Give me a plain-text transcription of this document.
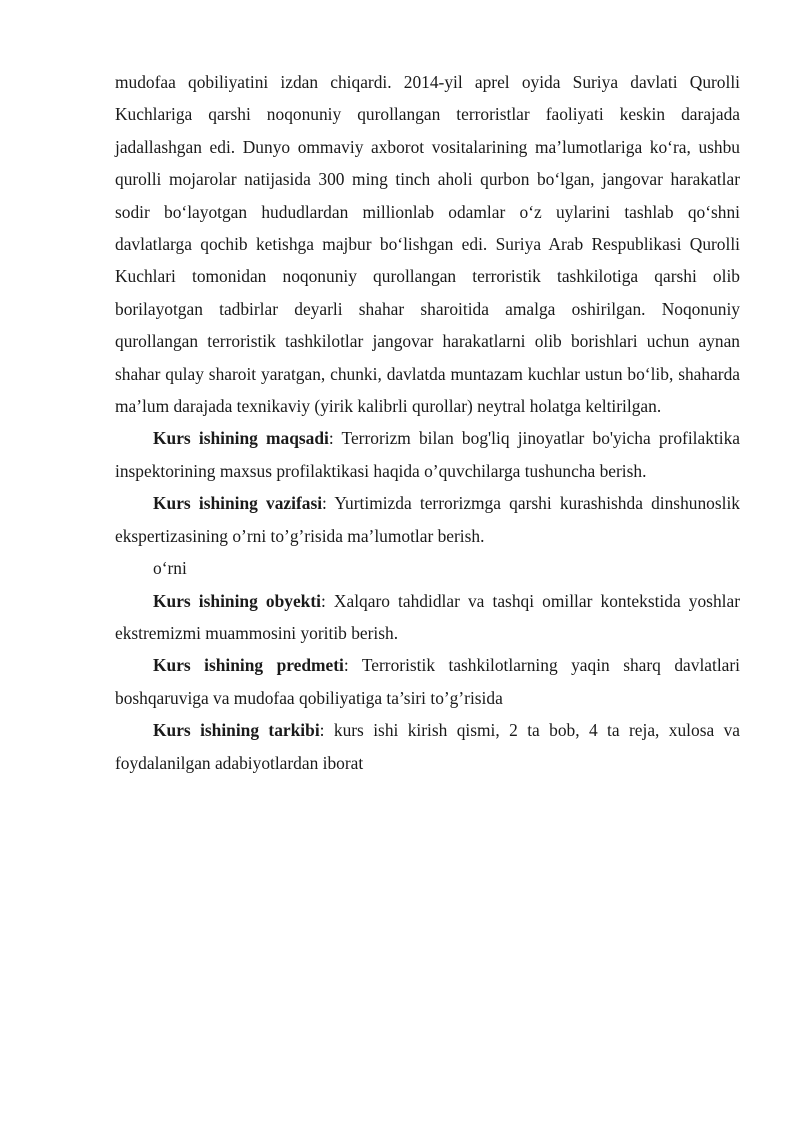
mudofaa qobiliyatini izdan chiqardi. 2014-yil aprel oyida Suriya davlati Qurolli Kuchlariga qarshi noqonuniy qurollangan terroristlar faoliyati keskin darajada jadallashgan edi. Dunyo ommaviy axborot vositalarining ma’lumotlariga ko‘ra, ushbu qurolli mojarolar natijasida 300 ming tinch aholi qurbon bo‘lgan, jangovar harakatlar sodir bo‘layotgan hududlardan millionlab odamlar o‘z uylarini tashlab qo‘shni davlatlarga qochib ketishga majbur bo‘lishgan edi. Suriya Arab Respublikasi Qurolli Kuchlari tomonidan noqonuniy qurollangan terroristik tashkilotiga qarshi olib borilayotgan tadbirlar deyarli shahar sharoitida amalga oshirilgan. Noqonuniy qurollangan terroristik tashkilotlar jangovar harakatlarni olib borishlari uchun aynan shahar qulay sharoit yaratgan, chunki, davlatda muntazam kuchlar ustun bo‘lib, shaharda ma’lum darajada texnikaviy (yirik kalibrli qurollar) neytral holatga keltirilgan.

Kurs ishining maqsadi: Terrorizm bilan bog'liq jinoyatlar bo'yicha profilaktika inspektorining maxsus profilaktikasi haqida o’quvchilarga tushuncha berish.

Kurs ishining vazifasi: Yurtimizda terrorizmga qarshi kurashishda dinshunoslik ekspertizasining o’rni to’g’risida ma’lumotlar berish.

o‘rni

Kurs ishining obyekti: Xalqaro tahdidlar va tashqi omillar kontekstida yoshlar ekstremizmi muammosini yoritib berish.

Kurs ishining predmeti: Terroristik tashkilotlarning yaqin sharq davlatlari boshqaruviga va mudofaa qobiliyatiga ta’siri to’g’risida

Kurs ishining tarkibi: kurs ishi kirish qismi, 2 ta bob, 4 ta reja, xulosa va foydalanilgan adabiyotlardan iborat
